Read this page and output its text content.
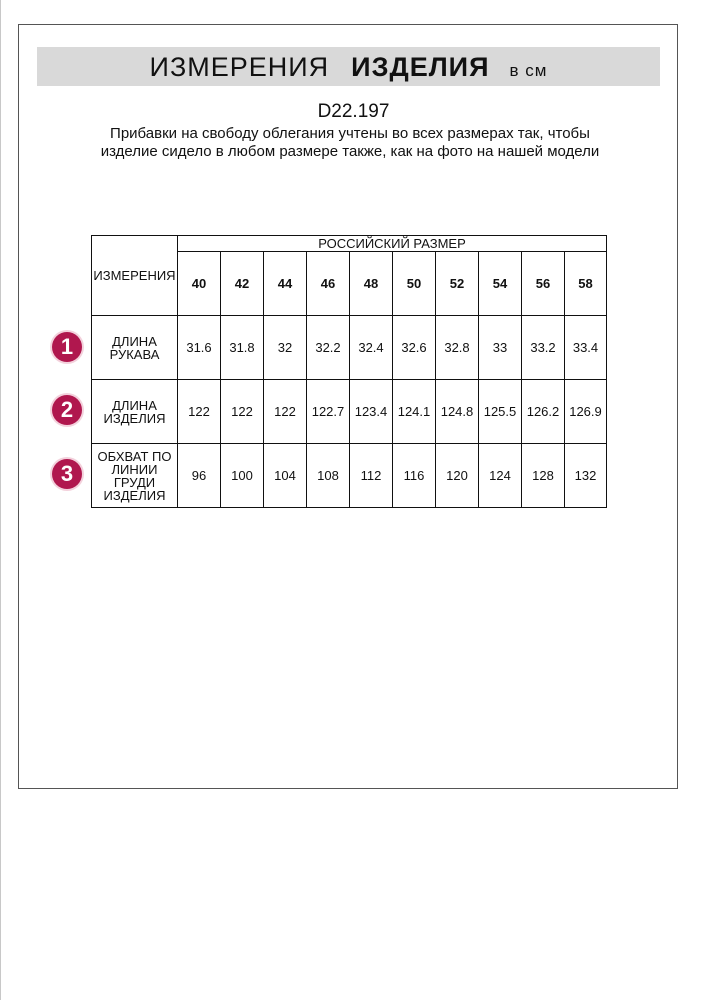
ИЗМЕРЕНИЯ ИЗДЕЛИЯ в см
D22.197
Прибавки на свободу облегания учтены во всех размерах так, чтобы изделие сидело в любом размере также, как на фото на нашей модели
ИЗМЕРЕНИЯ	РОССИЙСКИЙ РАЗМЕР									
	40	42	44	46	48	50	52	54	56	58
ДЛИНА РУКАВА	31.6	31.8	32	32.2	32.4	32.6	32.8	33	33.2	33.4
ДЛИНА ИЗДЕЛИЯ	122	122	122	122.7	123.4	124.1	124.8	125.5	126.2	126.9
ОБХВАТ ПО ЛИНИИ ГРУДИ ИЗДЕЛИЯ	96	100	104	108	112	116	120	124	128	132
1
2
3
